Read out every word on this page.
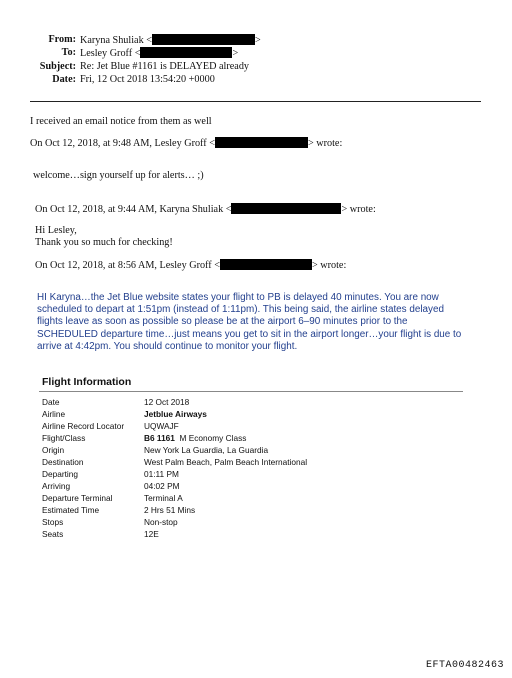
From: Karyna Shuliak <	>
To: Lesley Groff <	>
Subject: Re: Jet Blue #1161 is DELAYED already
Date: Fri, 12 Oct 2018 13:54:20 +0000
I received an email notice from them as well
On Oct 12, 2018, at 9:48 AM, Lesley Groff <	> wrote:
welcome…sign yourself up for alerts… ;)
On Oct 12, 2018, at 9:44 AM, Karyna Shuliak <	> wrote:
Hi Lesley,
Thank you so much for checking!
On Oct 12, 2018, at 8:56 AM, Lesley Groff <	> wrote:
HI Karyna…the Jet Blue website states your flight to PB is delayed 40 minutes. You are now
scheduled to depart at 1:51pm (instead of 1:11pm). This being said, the airline states delayed
flights leave as soon as possible so please be at the airport 6–90 minutes prior to the
SCHEDULED departure time…just means you get to sit in the airport longer…your flight is due to
arrive at 4:42pm. You should continue to monitor your flight.
Flight Information
Date	12 Oct 2018
Airline	Jetblue Airways
Airline Record Locator UQWAJF
Flight/Class	B6 1161  M Economy Class
Origin	New York La Guardia, La Guardia
Destination	West Palm Beach, Palm Beach International
Departing	01:11 PM
Arriving	04:02 PM
Departure Terminal	Terminal A
Estimated Time	2 Hrs 51 Mins
Stops	Non-stop
Seats	12E
EFTA00482463
